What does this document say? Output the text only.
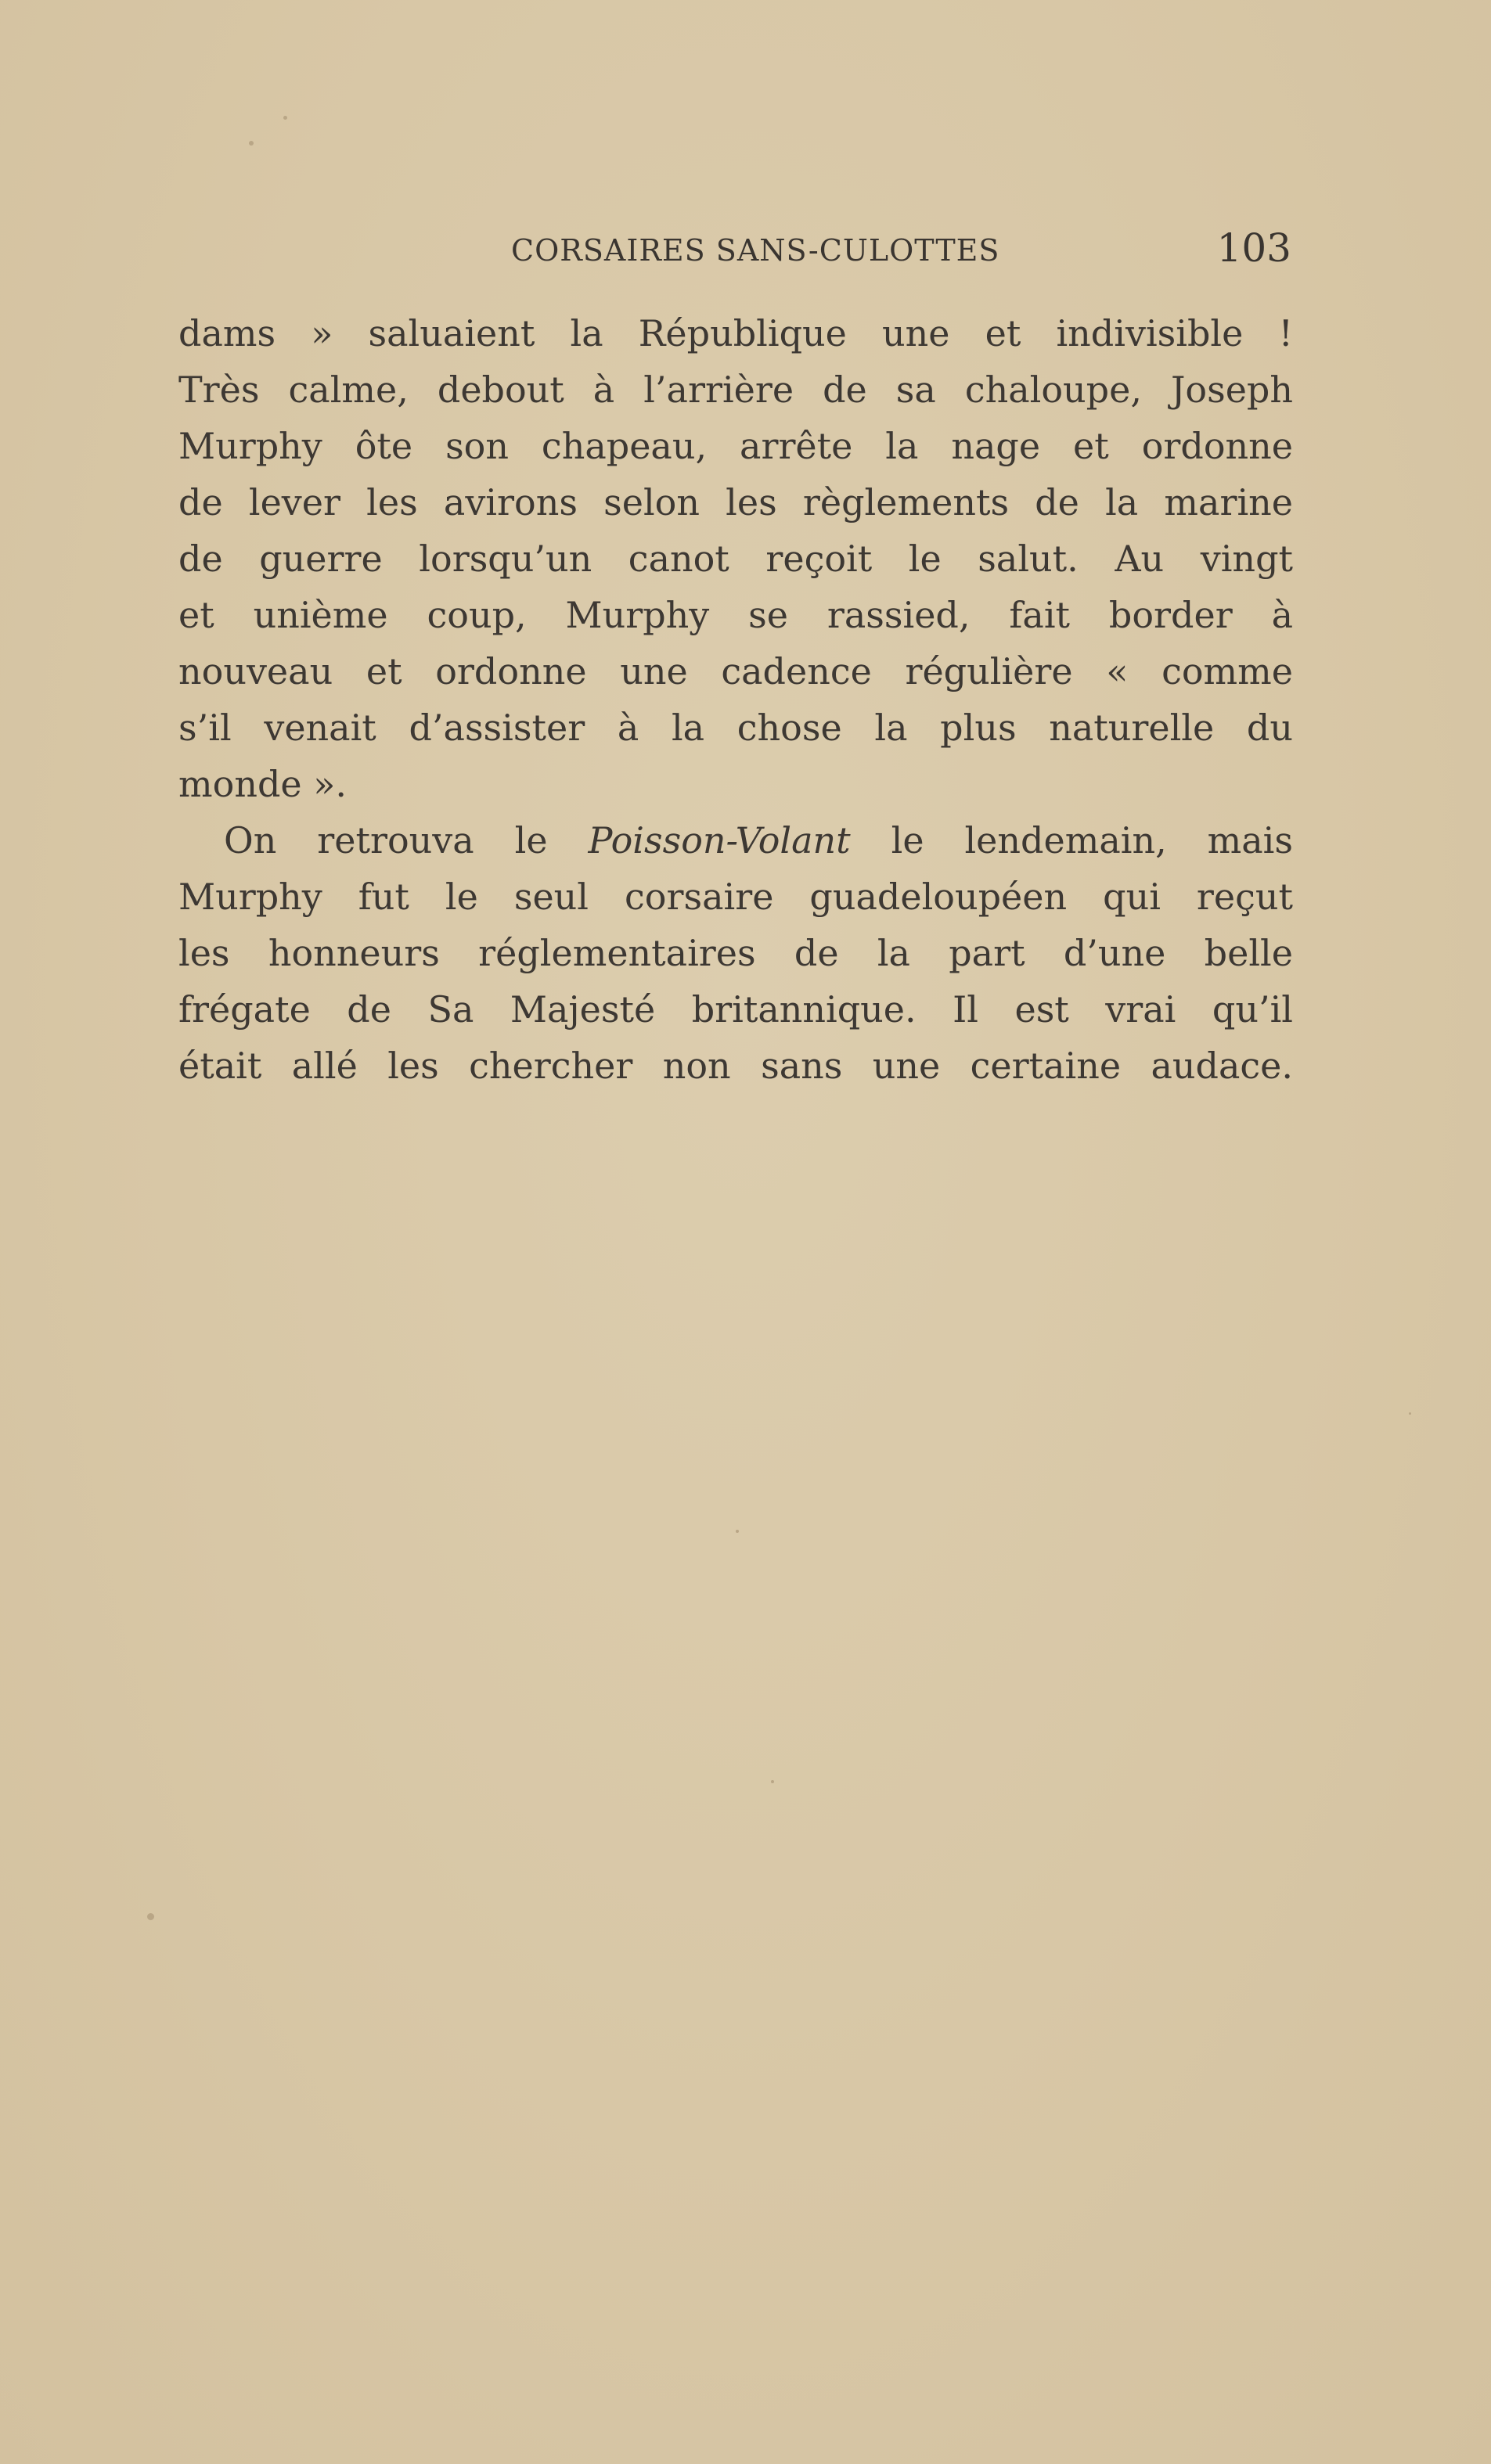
CORSAIRES SANS-CULOTTES	103
dams » saluaient la République une et indivisible !
Très calme, debout à l’arrière de sa chaloupe, Joseph
Murphy ôte son chapeau, arrête la nage et ordonne
de lever les avirons selon les règlements de la marine
de guerre lorsqu’un canot reçoit le salut. Au vingt
et unième coup, Murphy se rassied, fait border à
nouveau et ordonne une cadence régulière « comme
s’il venait d’assister à la chose la plus naturelle du
monde ».
On retrouva le Poisson-Volant le lendemain, mais
Murphy fut le seul corsaire guadeloupéen qui reçut
les honneurs réglementaires de la part d’une belle
frégate de Sa Majesté britannique. Il est vrai qu’il
était allé les chercher non sans une certaine audace.
